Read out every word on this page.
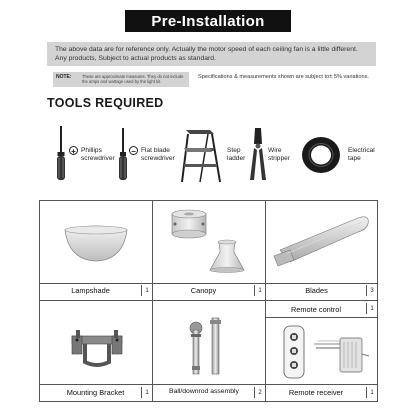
Pre-Installation
The above data are for reference only. Actually the motor speed of each ceiling fan is a little different. Any products, Subject to actual products as standard.
NOTE: These are approximate measures. They do not include the amps and wattage used by the light kit.
Specifications & measurements shown are subject to± 5% variations.
TOOLS REQUIRED
+ Phillips
screwdriver
− Flat blade
screwdriver
Step
ladder
Wire
stripper
Electrical
tape
Lampshade	1	Canopy	1	Blades	3
Mounting Bracket	1	Ball/downrod assembly	2
Remote control	1
Remote receiver	1
